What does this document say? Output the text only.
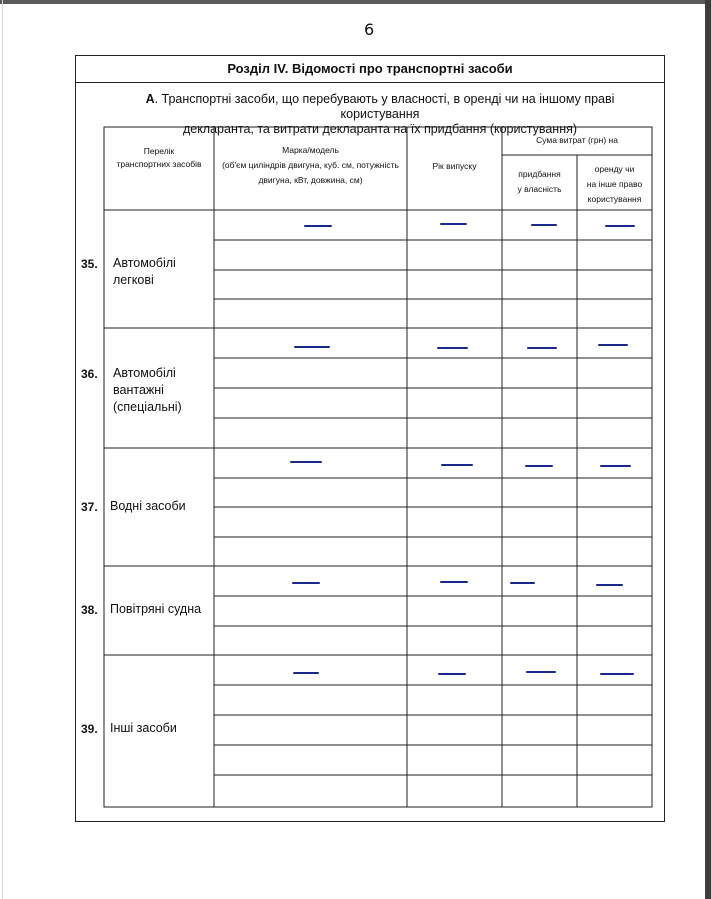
6
Розділ IV. Відомості про транспортні засоби
А. Транспортні засоби, що перебувають у власності, в оренді чи на іншому праві користування
декларанта, та витрати декларанта на їх придбання (користування)
Перелік
транспортних засобів
Марка/модель
(об'єм циліндрів двигуна, куб. см, потужність
двигуна, кВт, довжина, см)
Рік випуску
Сума витрат (грн) на
придбання
у власність
оренду чи
на інше право
користування
35. Автомобілі
легкові
36. Автомобілі
вантажні
(спеціальні)
37. Водні засоби
38. Повітряні судна
39. Інші засоби
